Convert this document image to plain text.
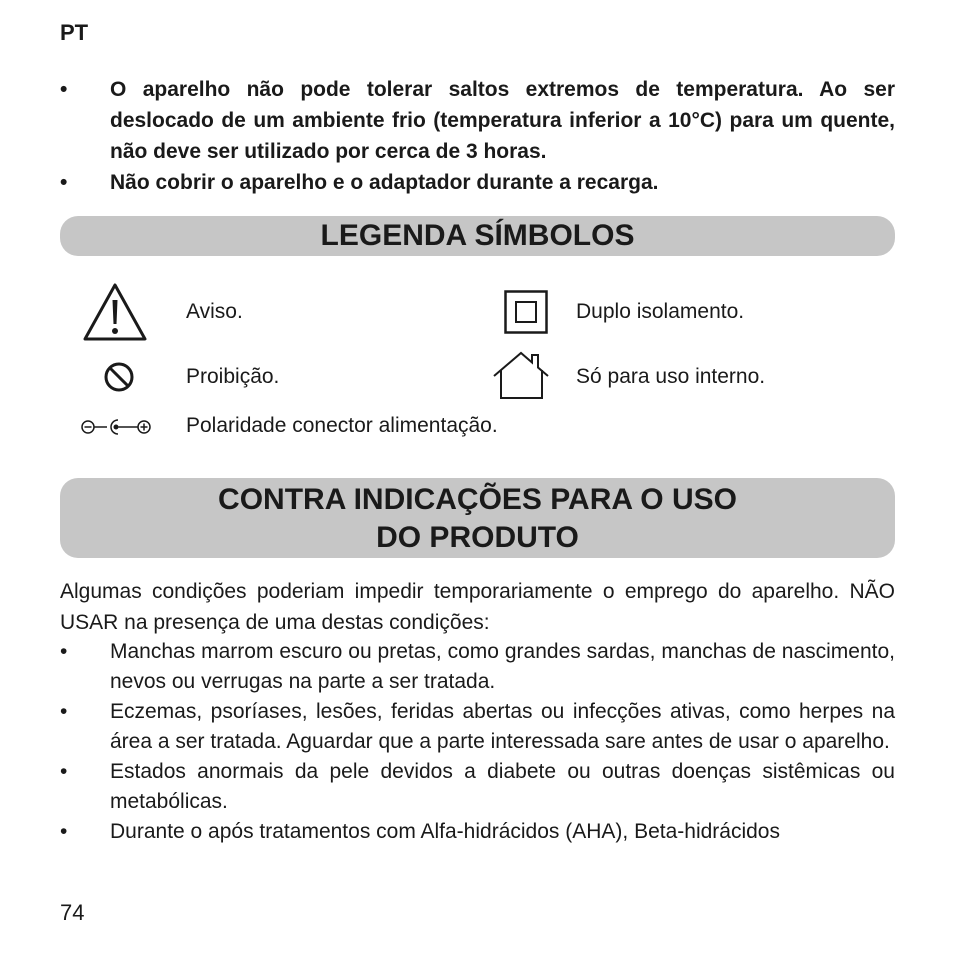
PT
• O aparelho não pode tolerar saltos extremos de temperatura. Ao ser deslocado de um ambiente frio (temperatura inferior a 10°C) para um quente, não deve ser utilizado por cerca de 3 horas.
• Não cobrir o aparelho e o adaptador durante a recarga.
LEGENDA SÍMBOLOS
Aviso.	Duplo isolamento.
Proibição.	Só para uso interno.
Polaridade conector alimentação.
CONTRA INDICAÇÕES PARA O USO
DO PRODUTO

Algumas condições poderiam impedir temporariamente o emprego do aparelho. NÃO USAR na presença de uma destas condições:

• Manchas marrom escuro ou pretas, como grandes sardas, manchas de nascimento, nevos ou verrugas na parte a ser tratada.
• Eczemas, psoríases, lesões, feridas abertas ou infecções ativas, como herpes na área a ser tratada. Aguardar que a parte interessada sare antes de usar o aparelho.
• Estados anormais da pele devidos a diabete ou outras doenças sistêmicas ou metabólicas.
• Durante o após tratamentos com Alfa-hidrácidos (AHA), Beta-hidrácidos
74
